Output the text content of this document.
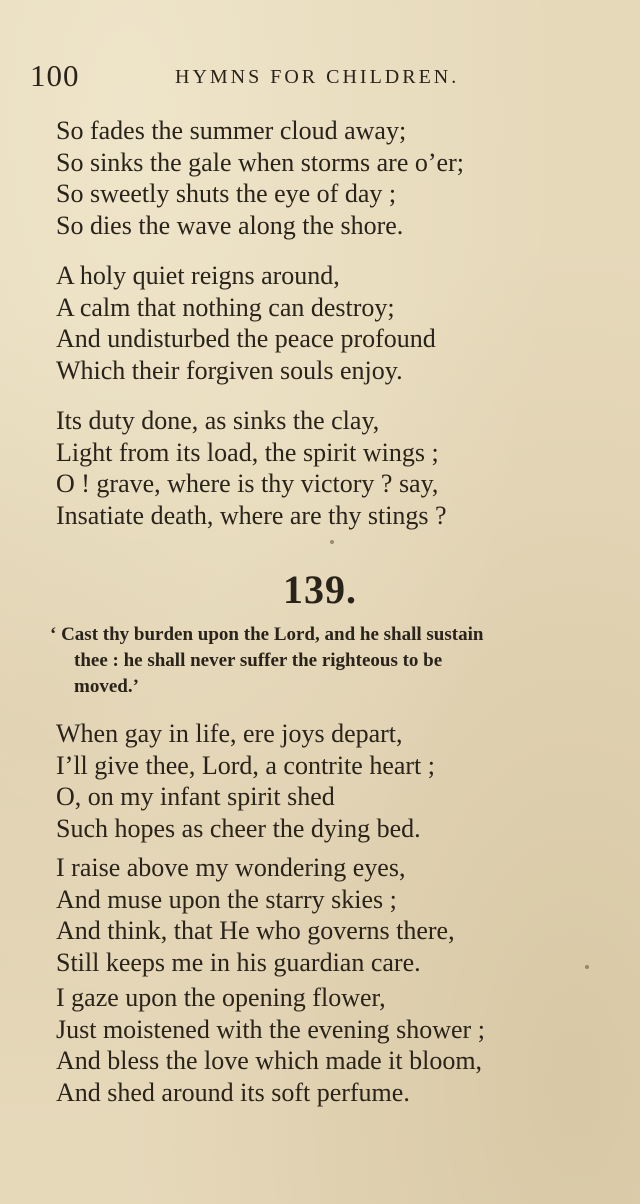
100	HYMNS FOR CHILDREN.
So fades the summer cloud away;
So sinks the gale when storms are o’er;
So sweetly shuts the eye of day ;
So dies the wave along the shore.
A holy quiet reigns around,
A calm that nothing can destroy;
And undisturbed the peace profound
Which their forgiven souls enjoy.
Its duty done, as sinks the clay,
Light from its load, the spirit wings ;
O ! grave, where is thy victory ? say,
Insatiate death, where are thy stings ?
139.
‘ Cast thy burden upon the Lord, and he shall sustain
thee : he shall never suffer the righteous to be
moved.’
When gay in life, ere joys depart,
I’ll give thee, Lord, a contrite heart ;
O, on my infant spirit shed
Such hopes as cheer the dying bed.
I raise above my wondering eyes,
And muse upon the starry skies ;
And think, that He who governs there,
Still keeps me in his guardian care.
I gaze upon the opening flower,
Just moistened with the evening shower ;
And bless the love which made it bloom,
And shed around its soft perfume.
